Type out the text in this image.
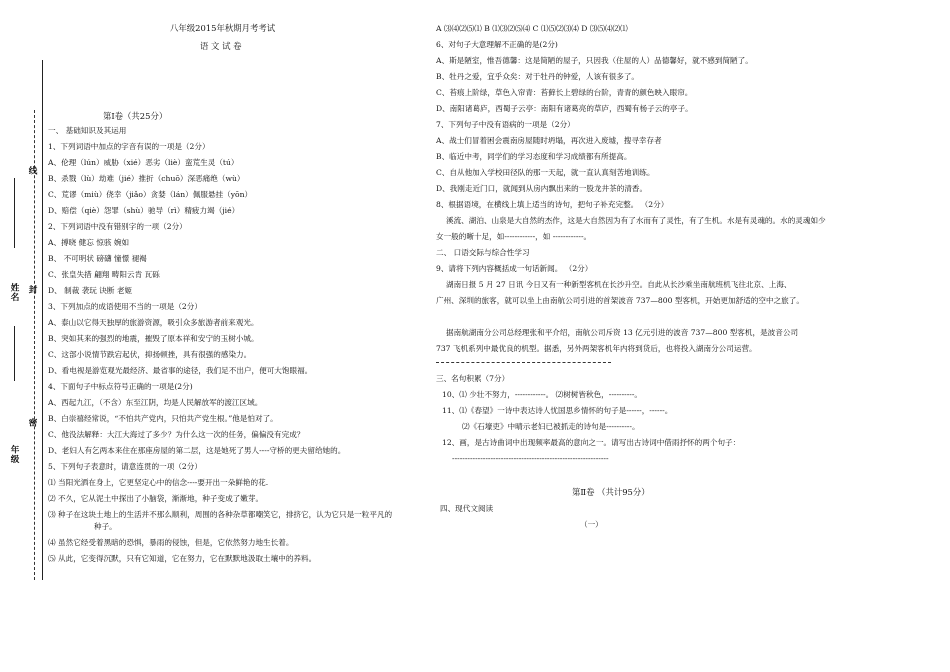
线
封
密
姓名
年级
八年级2015年秋期月考考试
语 文 试 卷
第Ⅰ卷（共25分）
一、 基础知识及其运用
1、下列词语中加点的字音有误的一项是（2分）
A、伦理（lún）威胁（xié）恶劣（liè）蛮荒生灵（tú）
B、杀戮（lù）劫难（jié）推折（chuō）深恶痛绝（wù）
C、荒谬（miù）侥幸（jiǎo）贪婪（lán）佩服悬挂（yōn）
D、赔偿（qiè）怨罪（shù）驰导（rì）精疲力竭（jié）
2、下列词语中没有错别字的一项（2分）
A、搏晓 健忘 惊骇 婉如
B、 不可明状 磅礴 憧憬 褪褐
C、张皇失措 翩翔 畴阳云肯 瓦砾
D、 制裁 袭玩 诀断 老姬
3、下列加点的成语使用不当的一项是（2分）
A、泰山以它得天独厚的旅游资源，吸引众多旅游者前来观光。
B、突如其来的强烈的地震，摧毁了原本祥和安宁的玉树小城。
C、这部小说情节跌宕起伏，抑扬顿挫，具有很强的感染力。
D、看电视是游览观光最经济、最省事的途径，我们足不出户，便可大饱眼福。
4、下面句子中标点符号正确的一项是(2分)
A、西起九江，（不含）东至江阴，均是人民解放军的渡江区域。
B、白崇禧经常说，“不怕共产党内，只怕共产党生根。”他是怕对了。
C、他没法解释：大江大海过了多少？为什么这一次的任务，偏偏没有完成？
D、老妇人有乞两本来住在那座房屋的第二层，这是她死了男人----守桥的更夫留给她的。
5、下列句子表意时，请意连贯的一项（2分）
⑴ 当阳光洒在身上，它更坚定心中的信念----要开出一朵鲜艳的花.
⑵ 不久，它从泥土中探出了小脑袋，渐渐地，种子变成了嫩芽。
⑶ 种子在这块土地上的生活并不那么顺利，周围的各种杂草都嘲笑它，排挤它，认为它只是一粒平凡的
种子。
⑷ 虽然它经受着黑暗的恐惧，暴雨的侵蚀，但是，它依然努力地生长着。
⑸ 从此，它变得沉默，只有它知道，它在努力，它在默默地汲取土壤中的养料。
A ⑶⑷⑵⑸⑴ B ⑴⑶⑵⑸⑷ C ⑴⑸⑵⑶⑷ D ⑶⑸⑷⑵⑴
6、对句子大意理解不正确的是(2分)
A、斯是陋室，惟吾德馨：这是简陋的屋子，只因我（住屋的人）品德馨好，就不感到简陋了。
B、牡丹之爱，宜乎众矣：对于牡丹的钟爱，人该有很多了。
C、苔痕上阶绿，草色入帘青：苔藓长上碧绿的台阶，青青的颜色映入眼帘。
D、南阳诸葛庐，西蜀子云亭：南阳有诸葛亮的草庐，西蜀有杨子云的亭子。
7、下列句子中没有语病的一项是（2分）
A、战士们冒着困会震南房屋随时坍塌，再次进入废墟，搜寻幸存者
B、临近中考，同学们的学习态度和学习成绩都有所提高。
C、自从他加入学校田径队的那一天起，就一直认真刻苦地训练。
D、我刚走近门口，就闻到从房内飘出来的一股龙井茶的清香。
8、根据语境，在横线上填上适当的诗句，把句子补充完整。 （2分）
溪流、湖泊、山泉是大自然的杰作，这是大自然因为有了水而有了灵性，有了生机。水是有灵魂的。水的灵魂如少
女一般的晰十足，如------------，如 ------------。
二、 口语交际与综合性学习
9、请将下列内容概括成一句话新闻。 （2分）
湖南日报 5 月 27 日讯 今日又有一种新型客机在长沙升空。自此从长沙乘坐南航班机飞往北京、上海、
广州、深圳的旅客，就可以坐上由南航公司引进的首架波音 737—800 型客机，开始更加舒适的空中之旅了。
据南航湖南分公司总经理张和平介绍，南航公司斥资 13 亿元引进的波音 737—800 型客机，是波音公司
737 飞机系列中最优良的机型。据悉，另外两架客机年内将到货后，也将投入湖南分公司运营。
三、名句积累（7分）
10、⑴ 少壮不努力，------------。 ⑵树树皆秋色，----------。
11、⑴《春望》一诗中表达诗人忧国思乡情怀的句子是------，------。
⑵《石壕吏》中晴示老妇已被抓走的诗句是----------。
12、画，是古诗曲词中出现频率最高的意向之一。请写出古诗词中借雨抒怀的两个句子：
-------------------------------------------------------------
第Ⅱ卷 （共计95分）
四、现代文阅读
（一）
